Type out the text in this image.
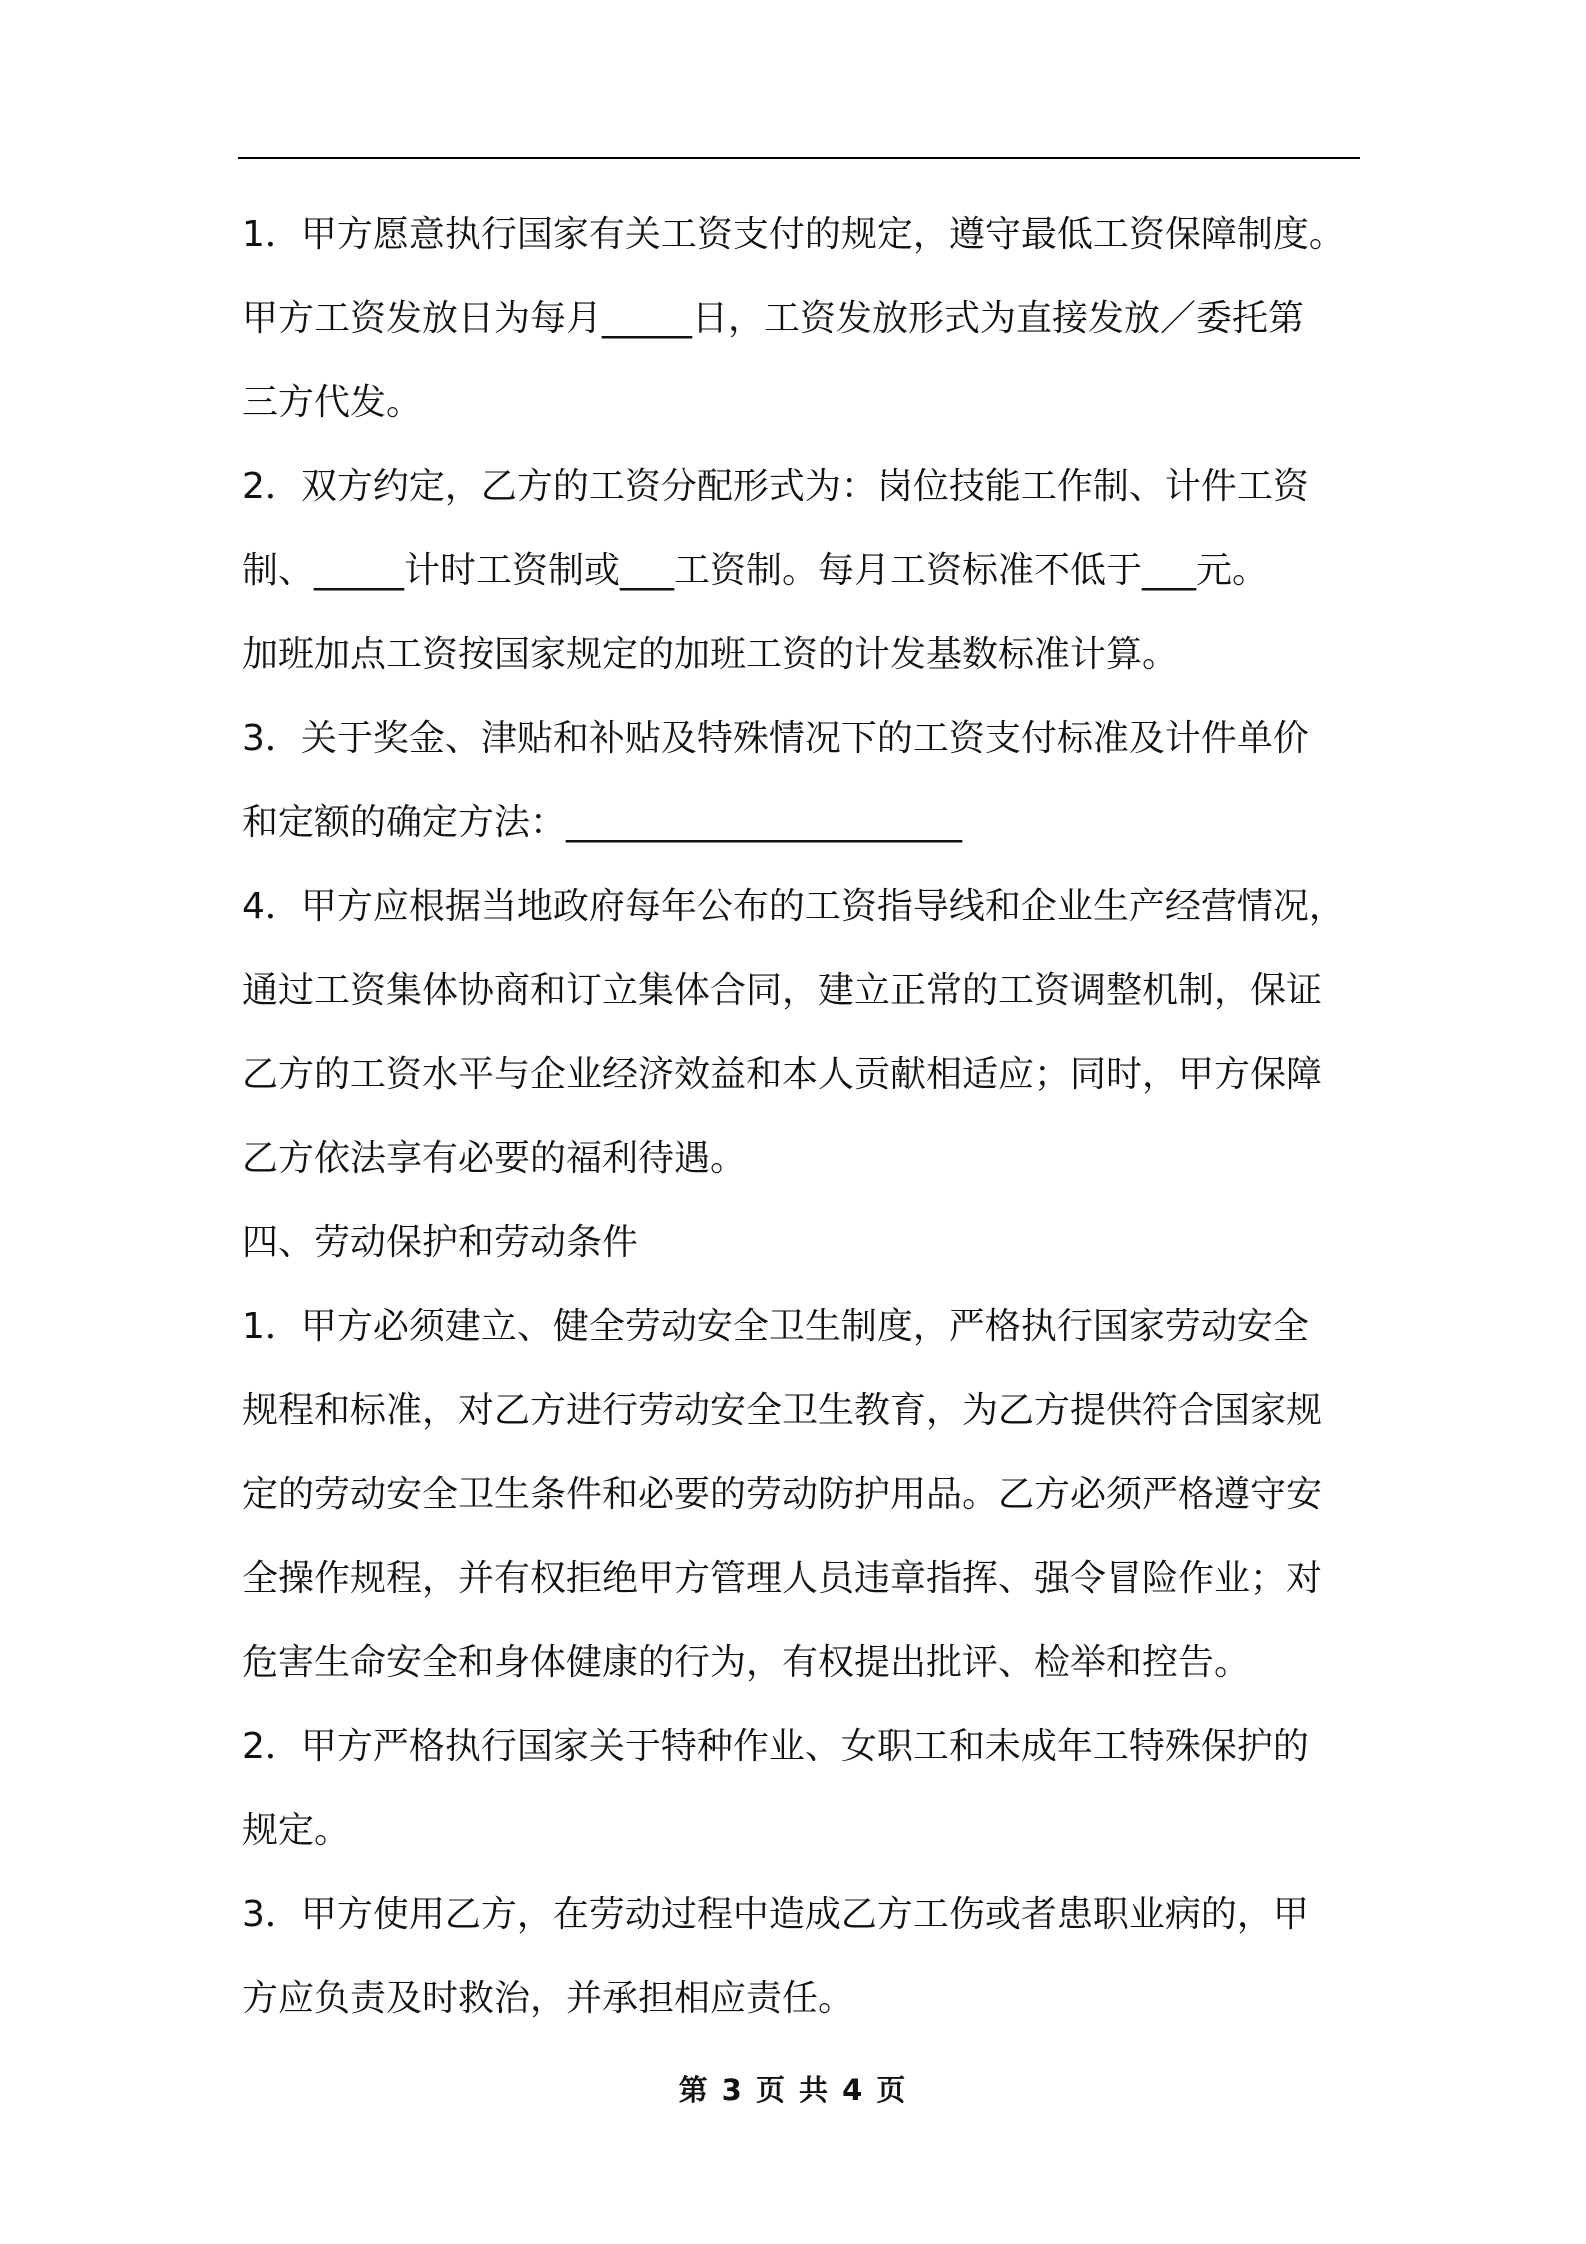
1．甲方愿意执行国家有关工资支付的规定，遵守最低工资保障制度。
甲方工资发放日为每月_____日，工资发放形式为直接发放／委托第
三方代发。
2．双方约定，乙方的工资分配形式为：岗位技能工作制、计件工资
制、_____计时工资制或___工资制。每月工资标准不低于___元。
加班加点工资按国家规定的加班工资的计发基数标准计算。
3．关于奖金、津贴和补贴及特殊情况下的工资支付标准及计件单价
和定额的确定方法：______________________
4．甲方应根据当地政府每年公布的工资指导线和企业生产经营情况，
通过工资集体协商和订立集体合同，建立正常的工资调整机制，保证
乙方的工资水平与企业经济效益和本人贡献相适应；同时，甲方保障
乙方依法享有必要的福利待遇。
四、劳动保护和劳动条件
1．甲方必须建立、健全劳动安全卫生制度，严格执行国家劳动安全
规程和标准，对乙方进行劳动安全卫生教育，为乙方提供符合国家规
定的劳动安全卫生条件和必要的劳动防护用品。乙方必须严格遵守安
全操作规程，并有权拒绝甲方管理人员违章指挥、强令冒险作业；对
危害生命安全和身体健康的行为，有权提出批评、检举和控告。
2．甲方严格执行国家关于特种作业、女职工和未成年工特殊保护的
规定。
3．甲方使用乙方，在劳动过程中造成乙方工伤或者患职业病的，甲
方应负责及时救治，并承担相应责任。
第 3 页 共 4 页
